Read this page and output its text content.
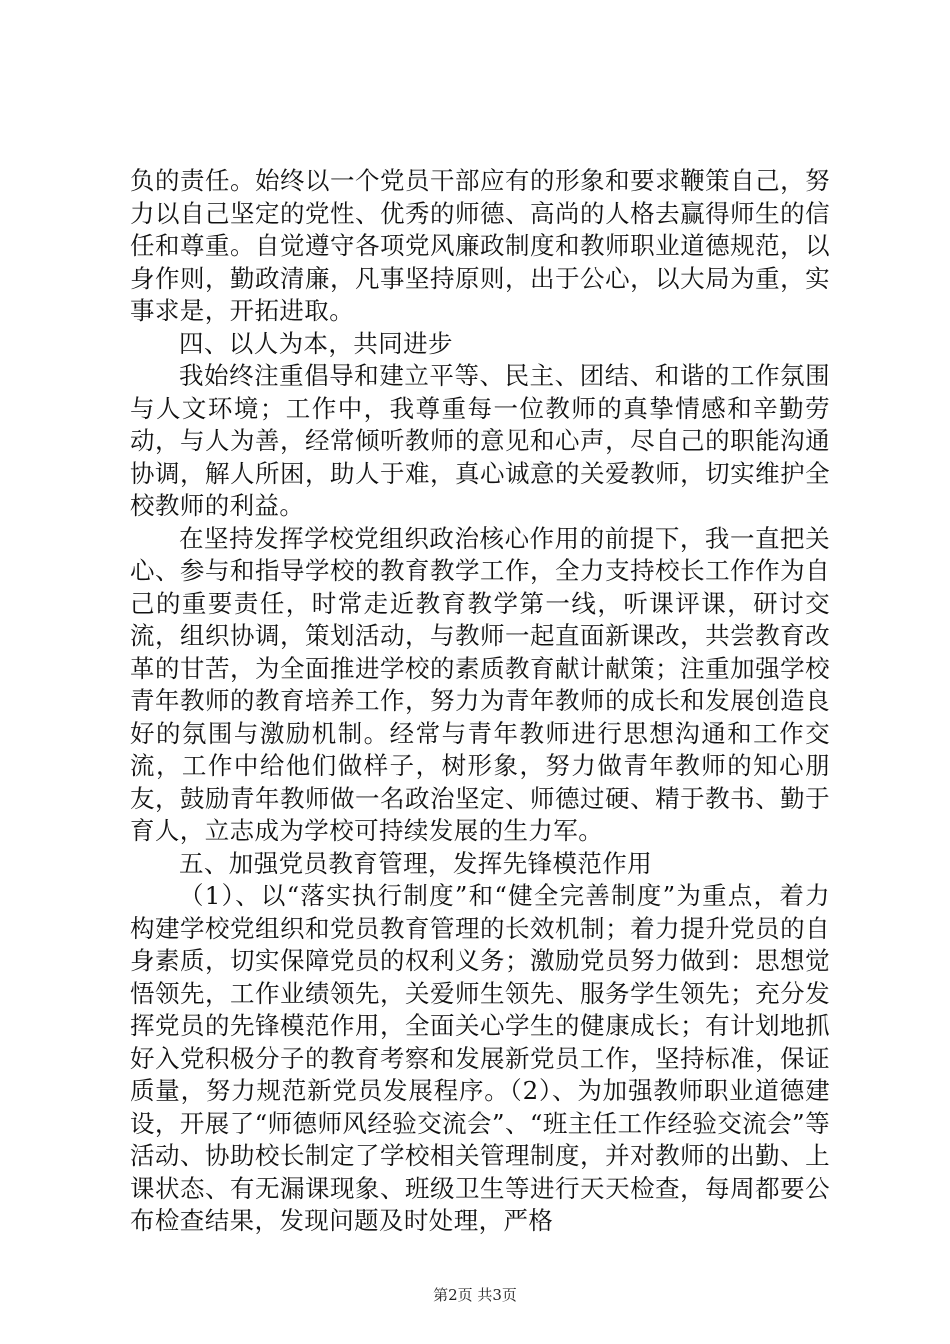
负的责任。始终以一个党员干部应有的形象和要求鞭策自己，努力以自己坚定的党性、优秀的师德、高尚的人格去赢得师生的信任和尊重。自觉遵守各项党风廉政制度和教师职业道德规范，以身作则，勤政清廉，凡事坚持原则，出于公心，以大局为重，实事求是，开拓进取。

四、以人为本，共同进步

我始终注重倡导和建立平等、民主、团结、和谐的工作氛围与人文环境；工作中，我尊重每一位教师的真挚情感和辛勤劳动，与人为善，经常倾听教师的意见和心声，尽自己的职能沟通协调，解人所困，助人于难，真心诚意的关爱教师，切实维护全校教师的利益。

在坚持发挥学校党组织政治核心作用的前提下，我一直把关心、参与和指导学校的教育教学工作，全力支持校长工作作为自己的重要责任，时常走近教育教学第一线，听课评课，研讨交流，组织协调，策划活动，与教师一起直面新课改，共尝教育改革的甘苦，为全面推进学校的素质教育献计献策；注重加强学校青年教师的教育培养工作，努力为青年教师的成长和发展创造良好的氛围与激励机制。经常与青年教师进行思想沟通和工作交流，工作中给他们做样子，树形象，努力做青年教师的知心朋友，鼓励青年教师做一名政治坚定、师德过硬、精于教书、勤于育人，立志成为学校可持续发展的生力军。

五、加强党员教育管理，发挥先锋模范作用

（1）、以“落实执行制度”和“健全完善制度”为重点，着力构建学校党组织和党员教育管理的长效机制；着力提升党员的自身素质，切实保障党员的权利义务；激励党员努力做到：思想觉悟领先，工作业绩领先，关爱师生领先、服务学生领先；充分发挥党员的先锋模范作用，全面关心学生的健康成长；有计划地抓好入党积极分子的教育考察和发展新党员工作，坚持标准，保证质量，努力规范新党员发展程序。（2）、为加强教师职业道德建设，开展了“师德师风经验交流会”、“班主任工作经验交流会”等活动、协助校长制定了学校相关管理制度，并对教师的出勤、上课状态、有无漏课现象、班级卫生等进行天天检查，每周都要公布检查结果，发现问题及时处理，严格

第2页 共3页
